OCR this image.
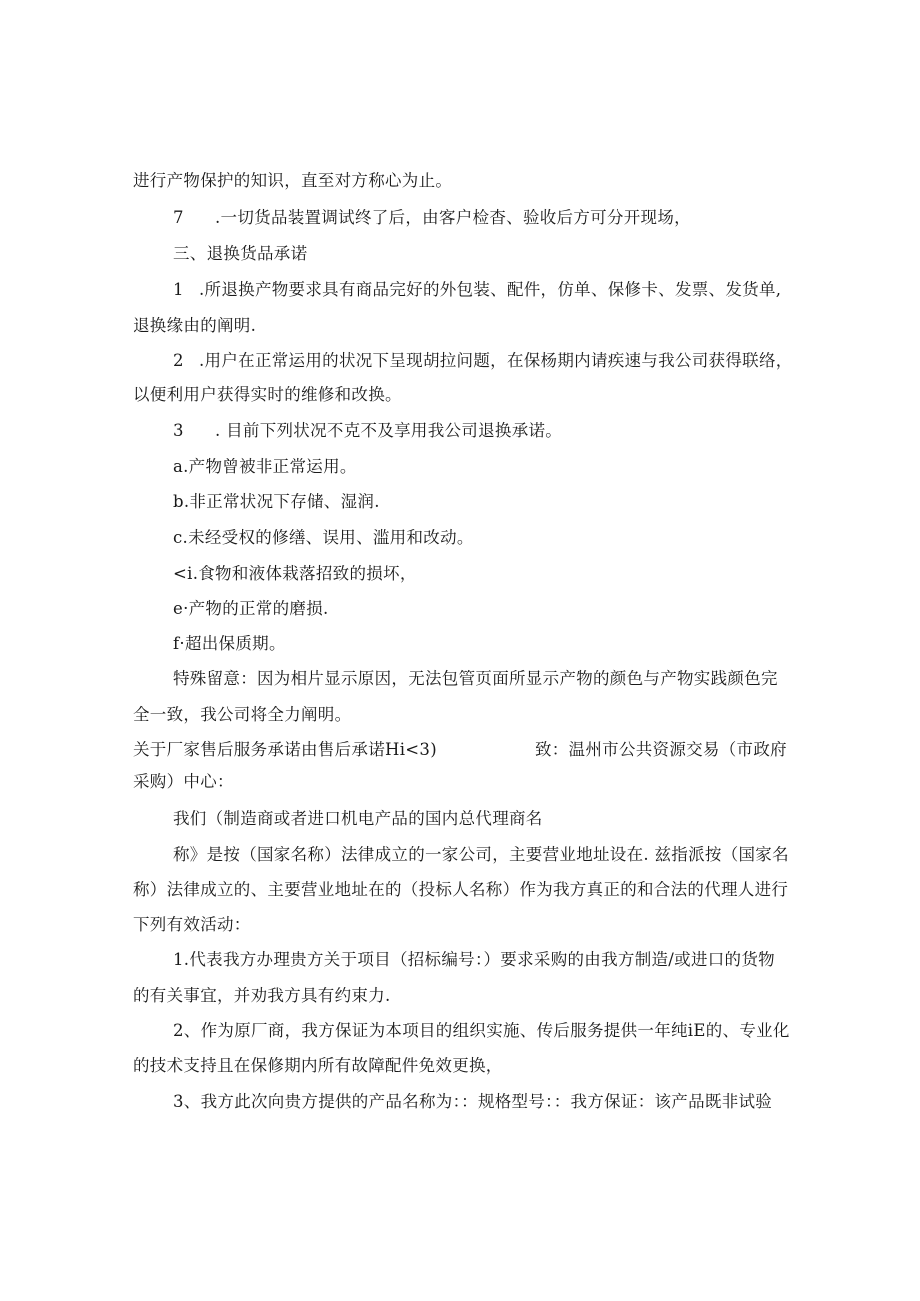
进行产物保护的知识，直至对方称心为止。
7 .一切货品装置调试终了后，由客户检杳、验收后方可分开现场，
三、退换货品承诺
1 .所退换产物要求具有商品完好的外包装、配件，仿单、保修卡、发票、发货单,
退换缘由的阐明.
2 .用户在正常运用的状况下呈现胡拉问题，在保杨期内请疾速与我公司获得联络，
以便利用户获得实时的维修和改换。
3 . 目前下列状况不克不及享用我公司退换承诺。
a.产物曾被非正常运用。
b.非正常状况下存储、湿润.
c.未经受权的修缮、误用、滥用和改动。
<i.食物和液体栽落招致的损坏，
e·产物的正常的磨损.
f·超出保质期。
特殊留意：因为相片显示原因，无法包管页面所显示产物的颜色与产物实践颜色完
全一致，我公司将全力阐明。
关于厂家售后服务承诺由售后承诺Hi<3)	致：温州市公共资源交易（市政府
采购）中心：
我们（制造商或者进口机电产品的国内总代理商名
称》是按（国家名称）法律成立的一家公司，主要营业地址设在. 兹指派按（国家名
称）法律成立的、主要营业地址在的（投标人名称）作为我方真正的和合法的代理人进行
下列有效活动：
1.代表我方办理贵方关于项目（招标编号：）要求采购的由我方制造/或进口的货物
的有关事宜，并劝我方具有约束力.
2、作为原厂商，我方保证为本项目的组织实施、传后服务提供一年纯iE的、专业化
的技术支持且在保修期内所有故障配件免效更换，
3、我方此次向贵方提供的产品名称为：：规格型号：：我方保证：该产品既非试验
